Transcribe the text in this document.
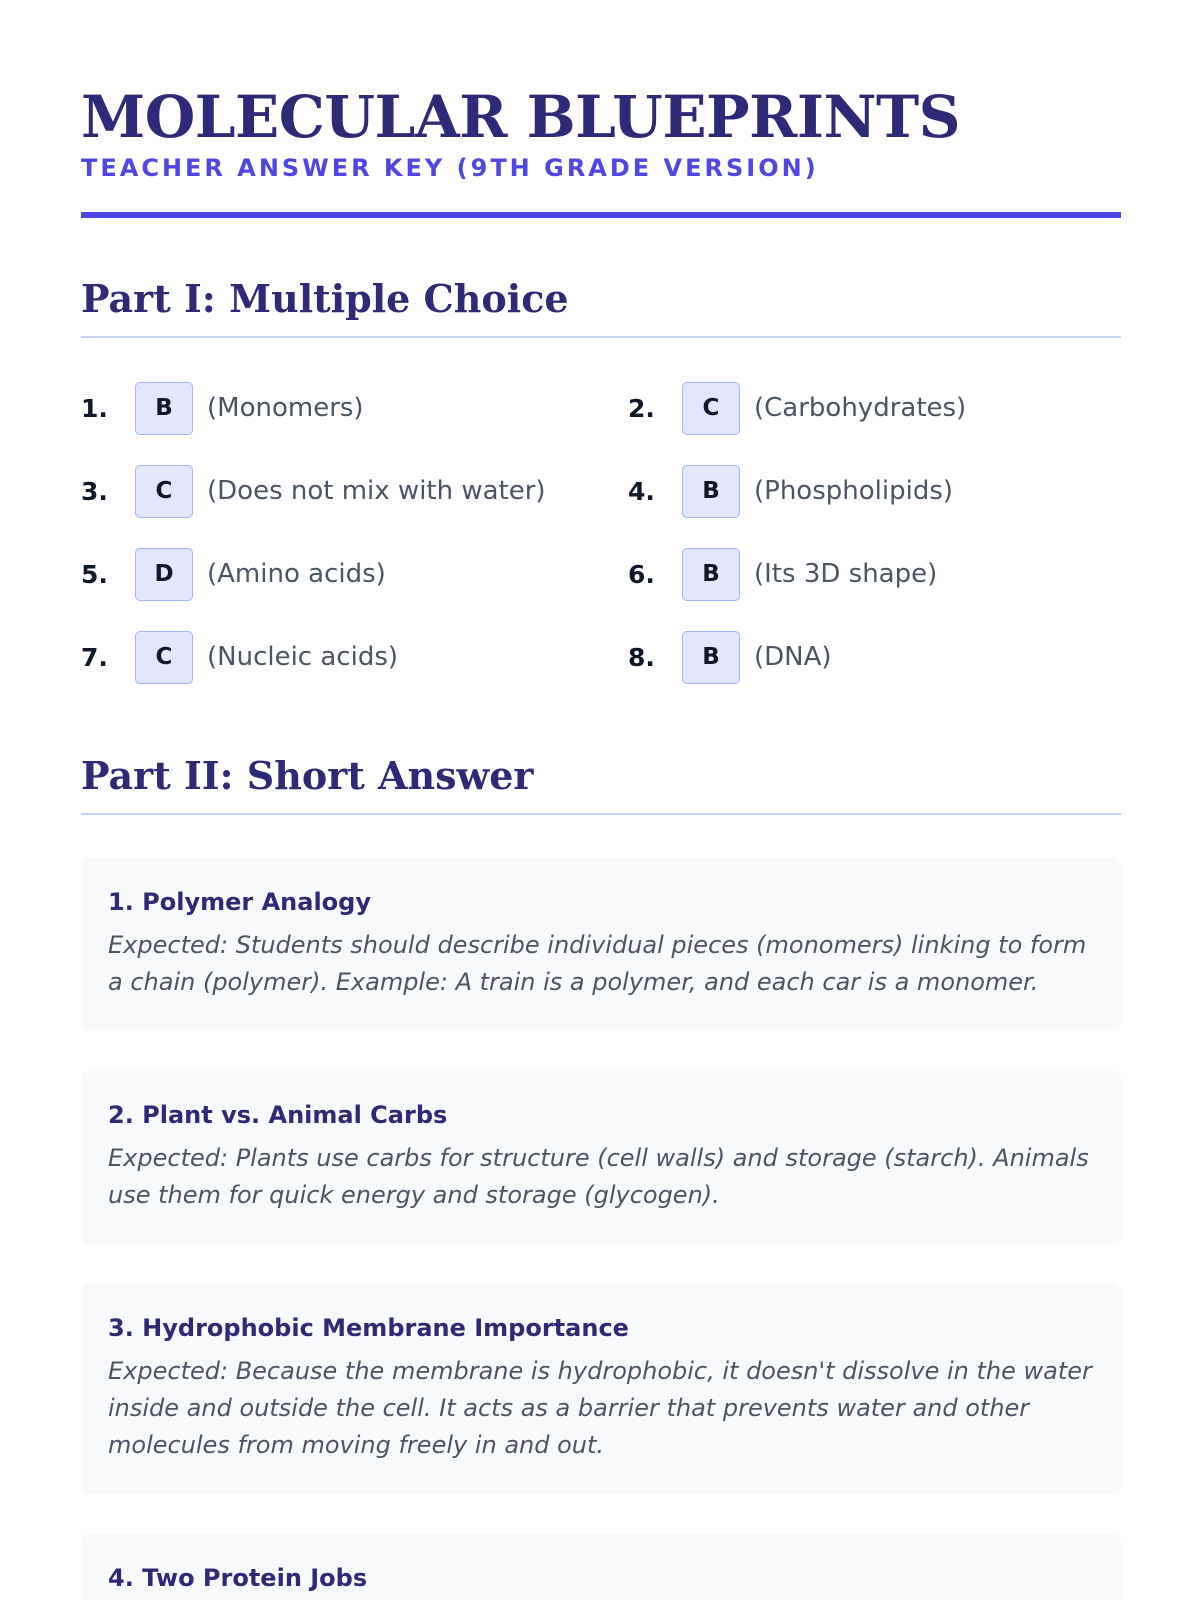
MOLECULAR BLUEPRINTS
TEACHER ANSWER KEY (9TH GRADE VERSION)
Part I: Multiple Choice
1.	B	(Monomers)	2.	C	(Carbohydrates)
3.	C	(Does not mix with water)	4.	B	(Phospholipids)
5.	D	(Amino acids)	6.	B	(Its 3D shape)
7.	C	(Nucleic acids)	8.	B	(DNA)
Part II: Short Answer
1. Polymer Analogy
Expected: Students should describe individual pieces (monomers) linking to form a chain (polymer). Example: A train is a polymer, and each car is a monomer.
2. Plant vs. Animal Carbs
Expected: Plants use carbs for structure (cell walls) and storage (starch). Animals use them for quick energy and storage (glycogen).
3. Hydrophobic Membrane Importance
Expected: Because the membrane is hydrophobic, it doesn't dissolve in the water inside and outside the cell. It acts as a barrier that prevents water and other molecules from moving freely in and out.
4. Two Protein Jobs
